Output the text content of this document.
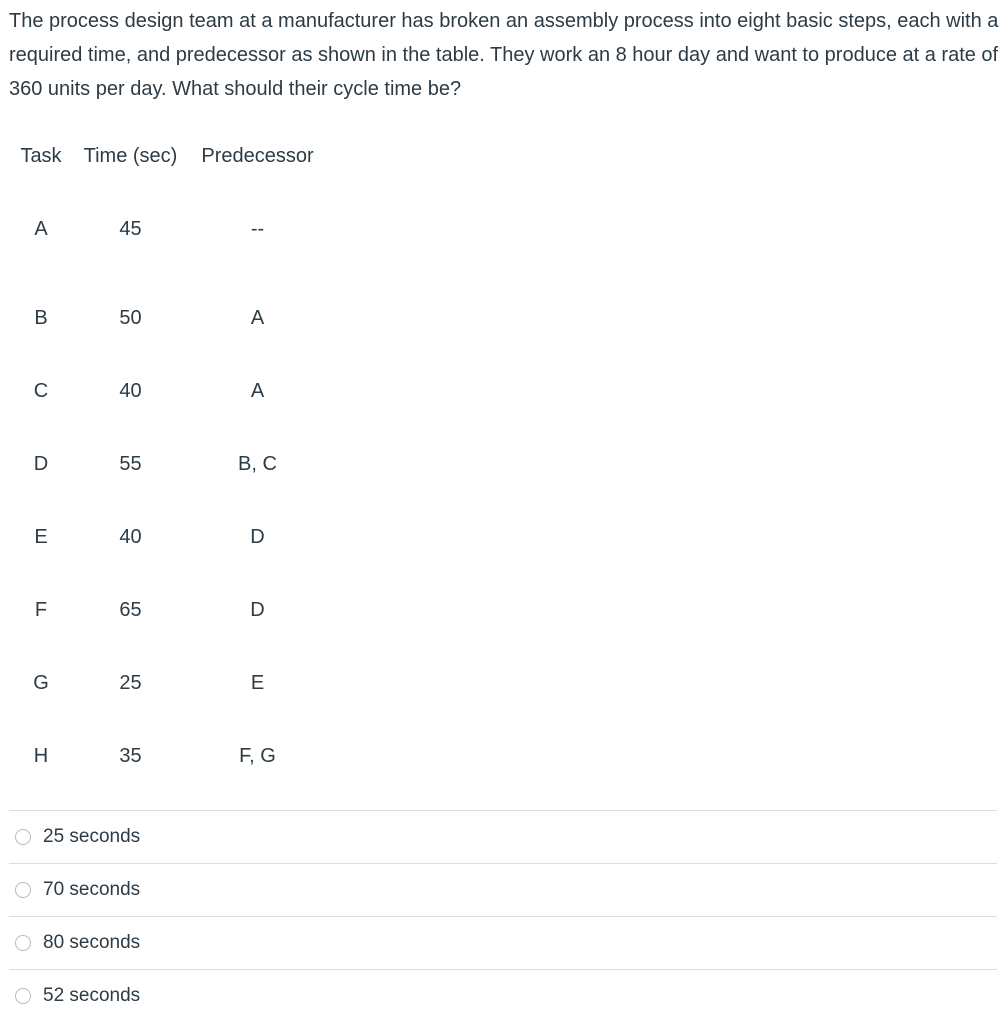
The process design team at a manufacturer has broken an assembly process into eight basic steps, each with a required time, and predecessor as shown in the table. They work an 8 hour day and want to produce at a rate of 360 units per day. What should their cycle time be?
Task	Time (sec)	Predecessor
A	45	--
B	50	A
C	40	A
D	55	B, C
E	40	D
F	65	D
G	25	E
H	35	F, G
25 seconds
70 seconds
80 seconds
52 seconds
